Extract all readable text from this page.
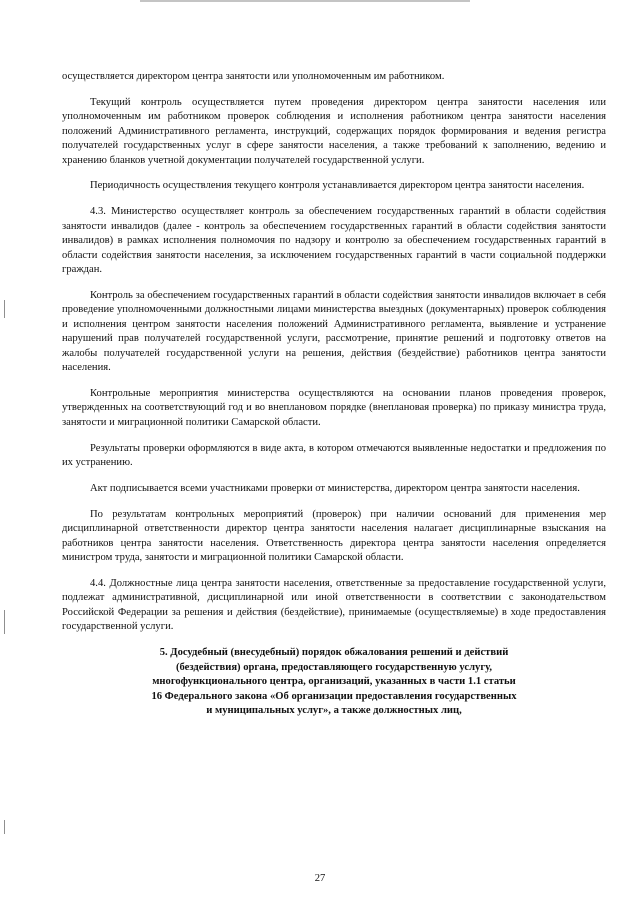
осуществляется директором центра занятости или уполномоченным им работником.

Текущий контроль осуществляется путем проведения директором центра занятости населения или уполномоченным им работником проверок соблюдения и исполнения работником центра занятости населения положений Административного регламента, инструкций, содержащих порядок формирования и ведения регистра получателей государственных услуг в сфере занятости населения, а также требований к заполнению, ведению и хранению бланков учетной документации получателей государственной услуги.

Периодичность осуществления текущего контроля устанавливается директором центра занятости населения.

4.3. Министерство осуществляет контроль за обеспечением государственных гарантий в области содействия занятости инвалидов (далее - контроль за обеспечением государственных гарантий в области содействия занятости инвалидов) в рамках исполнения полномочия по надзору и контролю за обеспечением государственных гарантий в области содействия занятости населения, за исключением государственных гарантий в части социальной поддержки граждан.

Контроль за обеспечением государственных гарантий в области содействия занятости инвалидов включает в себя проведение уполномоченными должностными лицами министерства выездных (документарных) проверок соблюдения и исполнения центром занятости населения положений Административного регламента, выявление и устранение нарушений прав получателей государственной услуги, рассмотрение, принятие решений и подготовку ответов на жалобы получателей государственной услуги на решения, действия (бездействие) работников центра занятости населения.

Контрольные мероприятия министерства осуществляются на основании планов проведения проверок, утвержденных на соответствующий год и во внеплановом порядке (внеплановая проверка) по приказу министра труда, занятости и миграционной политики Самарской области.

Результаты проверки оформляются в виде акта, в котором отмечаются выявленные недостатки и предложения по их устранению.

Акт подписывается всеми участниками проверки от министерства, директором центра занятости населения.

По результатам контрольных мероприятий (проверок) при наличии оснований для применения мер дисциплинарной ответственности директор центра занятости населения налагает дисциплинарные взыскания на работников центра занятости населения. Ответственность директора центра занятости населения определяется министром труда, занятости и миграционной политики Самарской области.

4.4. Должностные лица центра занятости населения, ответственные за предоставление государственной услуги, подлежат административной, дисциплинарной или иной ответственности в соответствии с законодательством Российской Федерации за решения и действия (бездействие), принимаемые (осуществляемые) в ходе предоставления государственной услуги.

5. Досудебный (внесудебный) порядок обжалования решений и действий (бездействия) органа, предоставляющего государственную услугу, многофункционального центра, организаций, указанных в части 1.1 статьи 16 Федерального закона «Об организации предоставления государственных и муниципальных услуг», а также должностных лиц,
27
